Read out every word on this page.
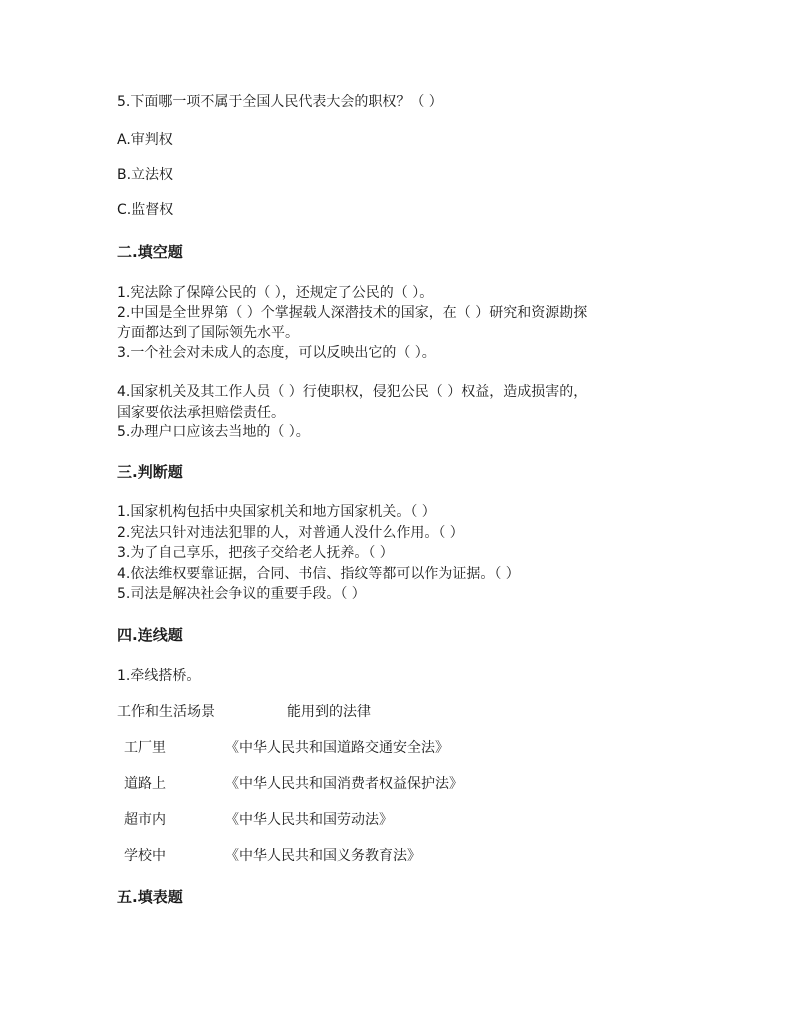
5.下面哪一项不属于全国人民代表大会的职权？（ ）
A.审判权
B.立法权
C.监督权
二.填空题
1.宪法除了保障公民的（ ），还规定了公民的（ ）。
2.中国是全世界第（ ）个掌握载人深潜技术的国家，在（ ）研究和资源勘探
方面都达到了国际领先水平。
3.一个社会对未成人的态度，可以反映出它的（ ）。
4.国家机关及其工作人员（ ）行使职权，侵犯公民（ ）权益，造成损害的，
国家要依法承担赔偿责任。
5.办理户口应该去当地的（ ）。
三.判断题
1.国家机构包括中央国家机关和地方国家机关。（ ）
2.宪法只针对违法犯罪的人，对普通人没什么作用。（ ）
3.为了自己享乐，把孩子交给老人抚养。（ ）
4.依法维权要靠证据，合同、书信、指纹等都可以作为证据。（ ）
5.司法是解决社会争议的重要手段。（ ）
四.连线题
1.牵线搭桥。
工作和生活场景	能用到的法律
工厂里	《中华人民共和国道路交通安全法》
道路上	《中华人民共和国消费者权益保护法》
超市内	《中华人民共和国劳动法》
学校中	《中华人民共和国义务教育法》
五.填表题
